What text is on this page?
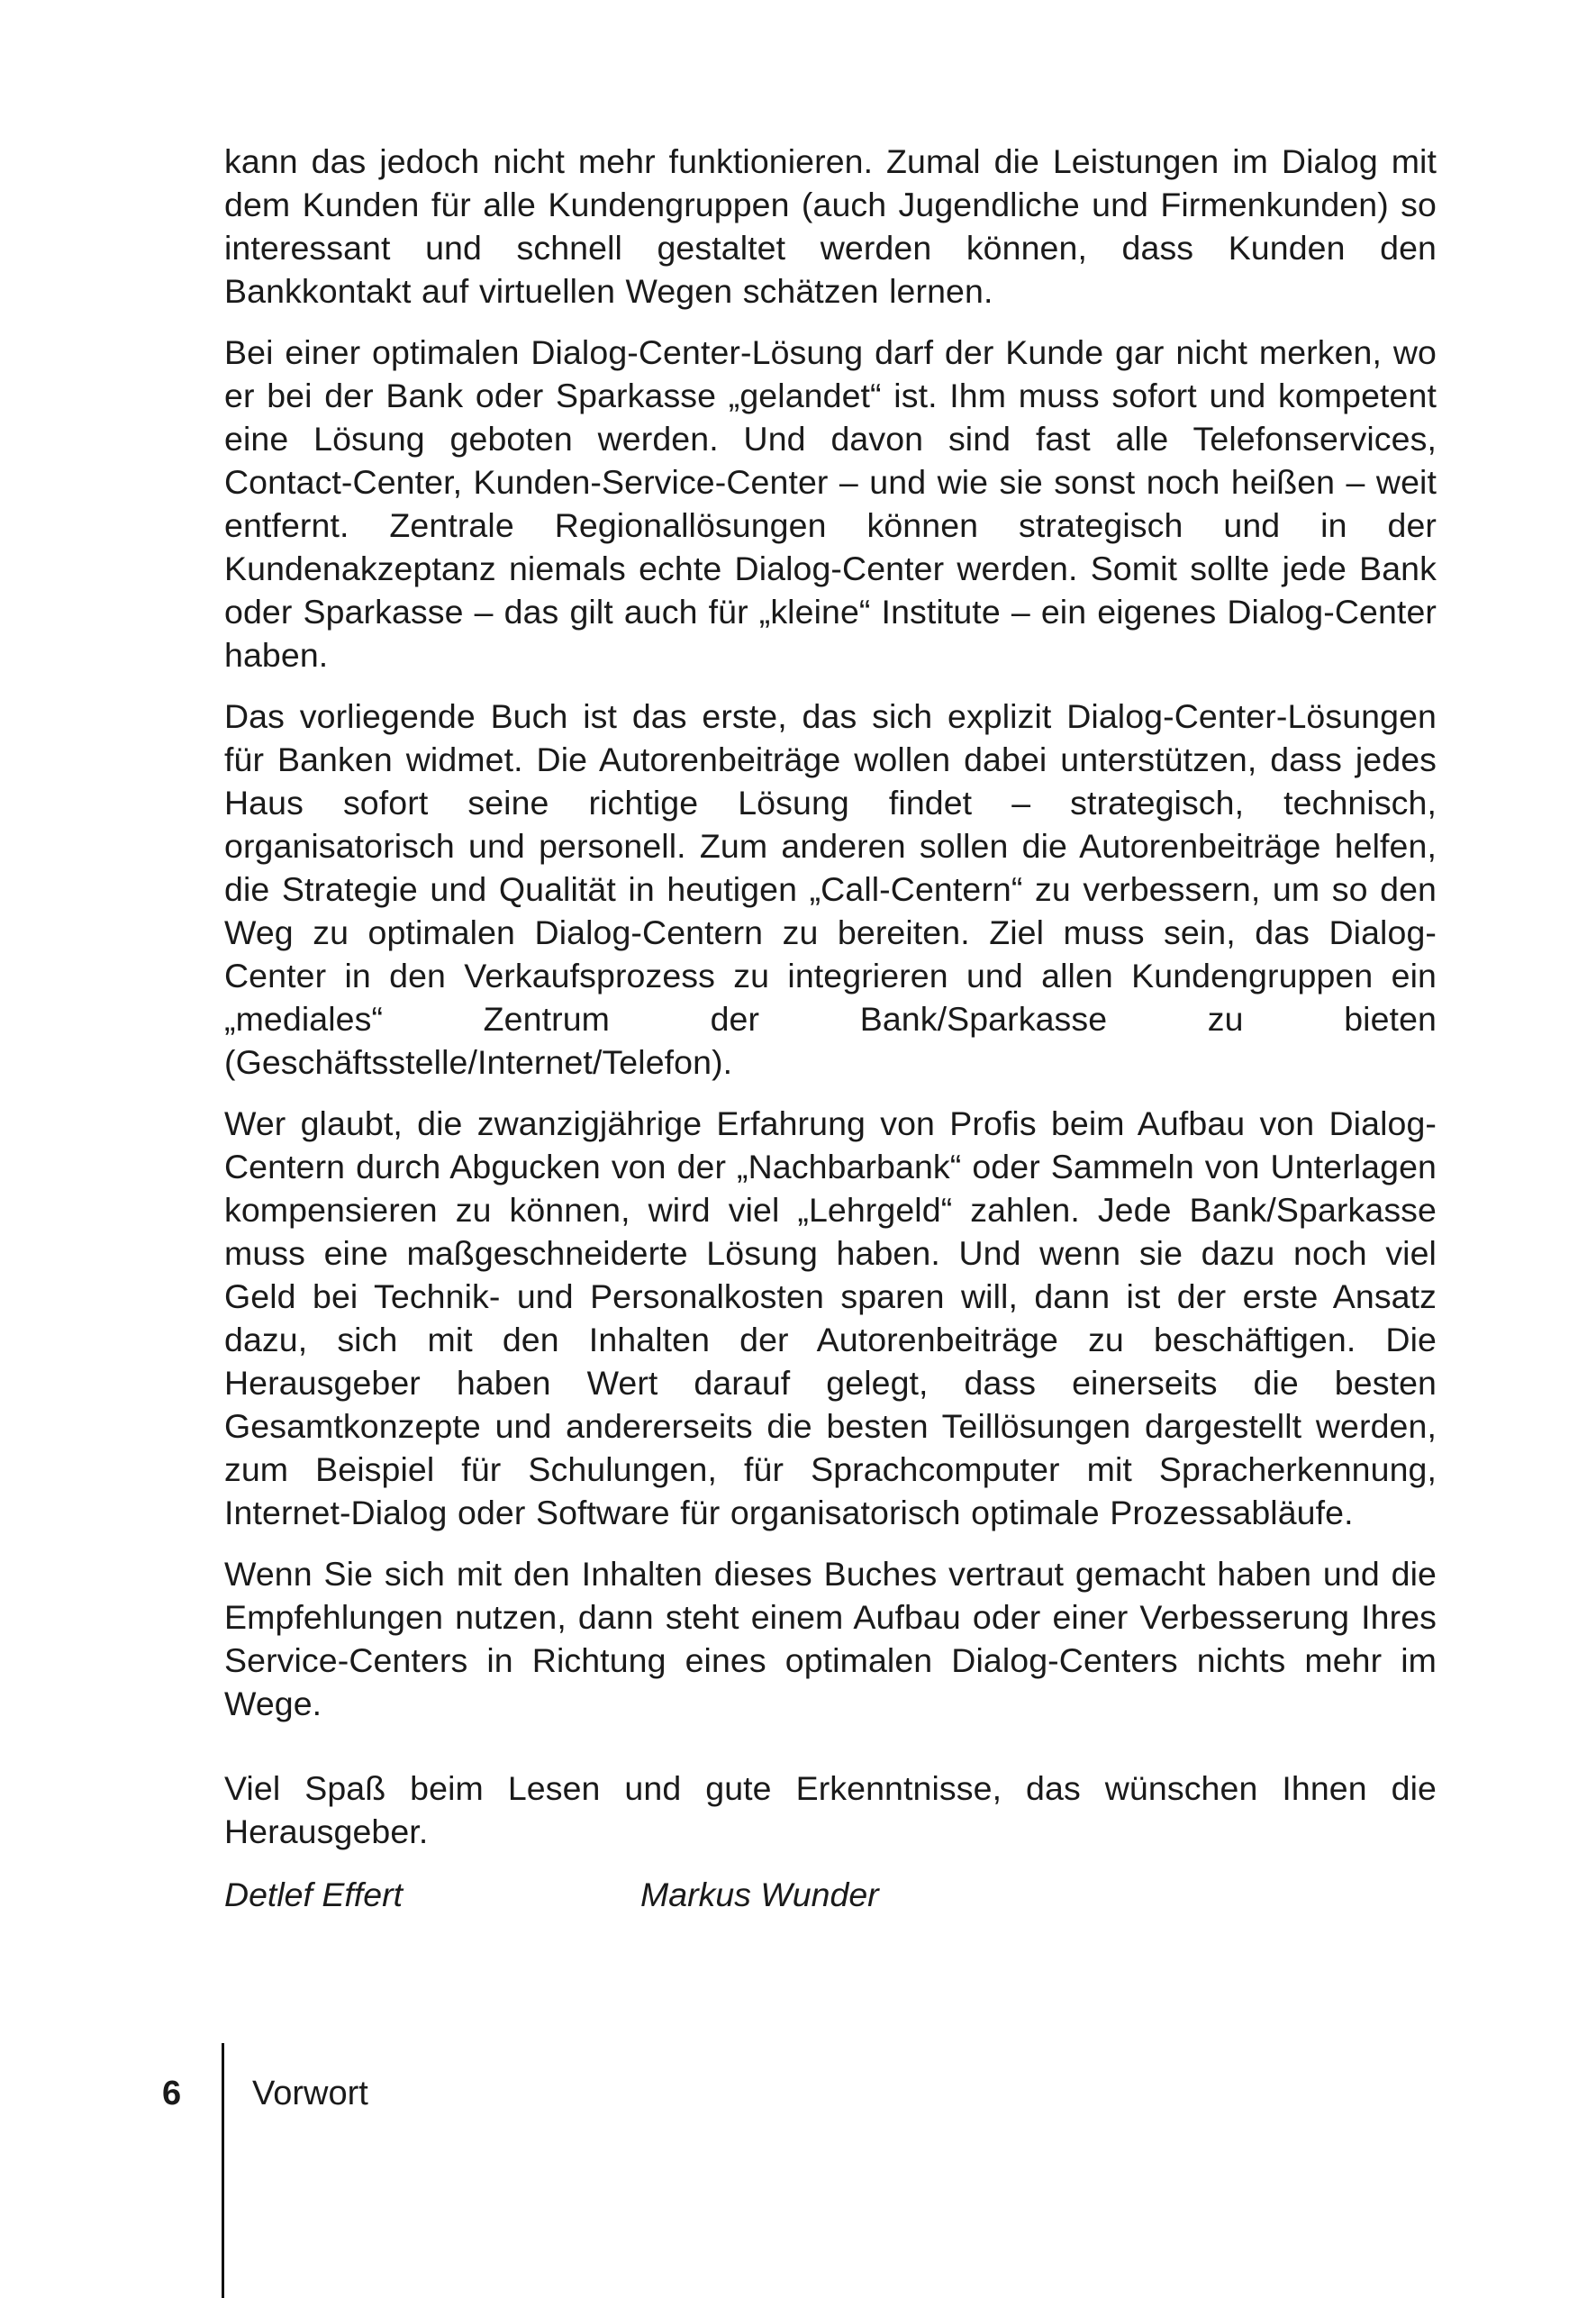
kann das jedoch nicht mehr funktionieren. Zumal die Leistungen im Dialog mit dem Kunden für alle Kundengruppen (auch Jugendliche und Firmenkunden) so interessant und schnell gestaltet werden können, dass Kunden den Bankkontakt auf virtuellen Wegen schätzen lernen.

Bei einer optimalen Dialog-Center-Lösung darf der Kunde gar nicht merken, wo er bei der Bank oder Sparkasse „gelandet“ ist. Ihm muss sofort und kompetent eine Lösung geboten werden. Und davon sind fast alle Telefonservices, Contact-Center, Kunden-Service-Center – und wie sie sonst noch heißen – weit entfernt. Zentrale Regionallösungen können strategisch und in der Kundenakzeptanz niemals echte Dialog-Center werden. Somit sollte jede Bank oder Sparkasse – das gilt auch für „kleine“ Institute – ein eigenes Dialog-Center haben.

Das vorliegende Buch ist das erste, das sich explizit Dialog-Center-Lösungen für Banken widmet. Die Autorenbeiträge wollen dabei unterstützen, dass jedes Haus sofort seine richtige Lösung findet – strategisch, technisch, organisatorisch und personell. Zum anderen sollen die Autorenbeiträge helfen, die Strategie und Qualität in heutigen „Call-Centern“ zu verbessern, um so den Weg zu optimalen Dialog-Centern zu bereiten. Ziel muss sein, das Dialog-Center in den Verkaufsprozess zu integrieren und allen Kundengruppen ein „mediales“ Zentrum der Bank/Sparkasse zu bieten (Geschäftsstelle/Internet/Telefon).

Wer glaubt, die zwanzigjährige Erfahrung von Profis beim Aufbau von Dialog-Centern durch Abgucken von der „Nachbarbank“ oder Sammeln von Unterlagen kompensieren zu können, wird viel „Lehrgeld“ zahlen. Jede Bank/Sparkasse muss eine maßgeschneiderte Lösung haben. Und wenn sie dazu noch viel Geld bei Technik- und Personalkosten sparen will, dann ist der erste Ansatz dazu, sich mit den Inhalten der Autorenbeiträge zu beschäftigen. Die Herausgeber haben Wert darauf gelegt, dass einerseits die besten Gesamtkonzepte und andererseits die besten Teillösungen dargestellt werden, zum Beispiel für Schulungen, für Sprachcomputer mit Spracherkennung, Internet-Dialog oder Software für organisatorisch optimale Prozessabläufe.

Wenn Sie sich mit den Inhalten dieses Buches vertraut gemacht haben und die Empfehlungen nutzen, dann steht einem Aufbau oder einer Verbesserung Ihres Service-Centers in Richtung eines optimalen Dialog-Centers nichts mehr im Wege.

Viel Spaß beim Lesen und gute Erkenntnisse, das wünschen Ihnen die Herausgeber.

Detlef Effert	Markus Wunder
6 Vorwort
